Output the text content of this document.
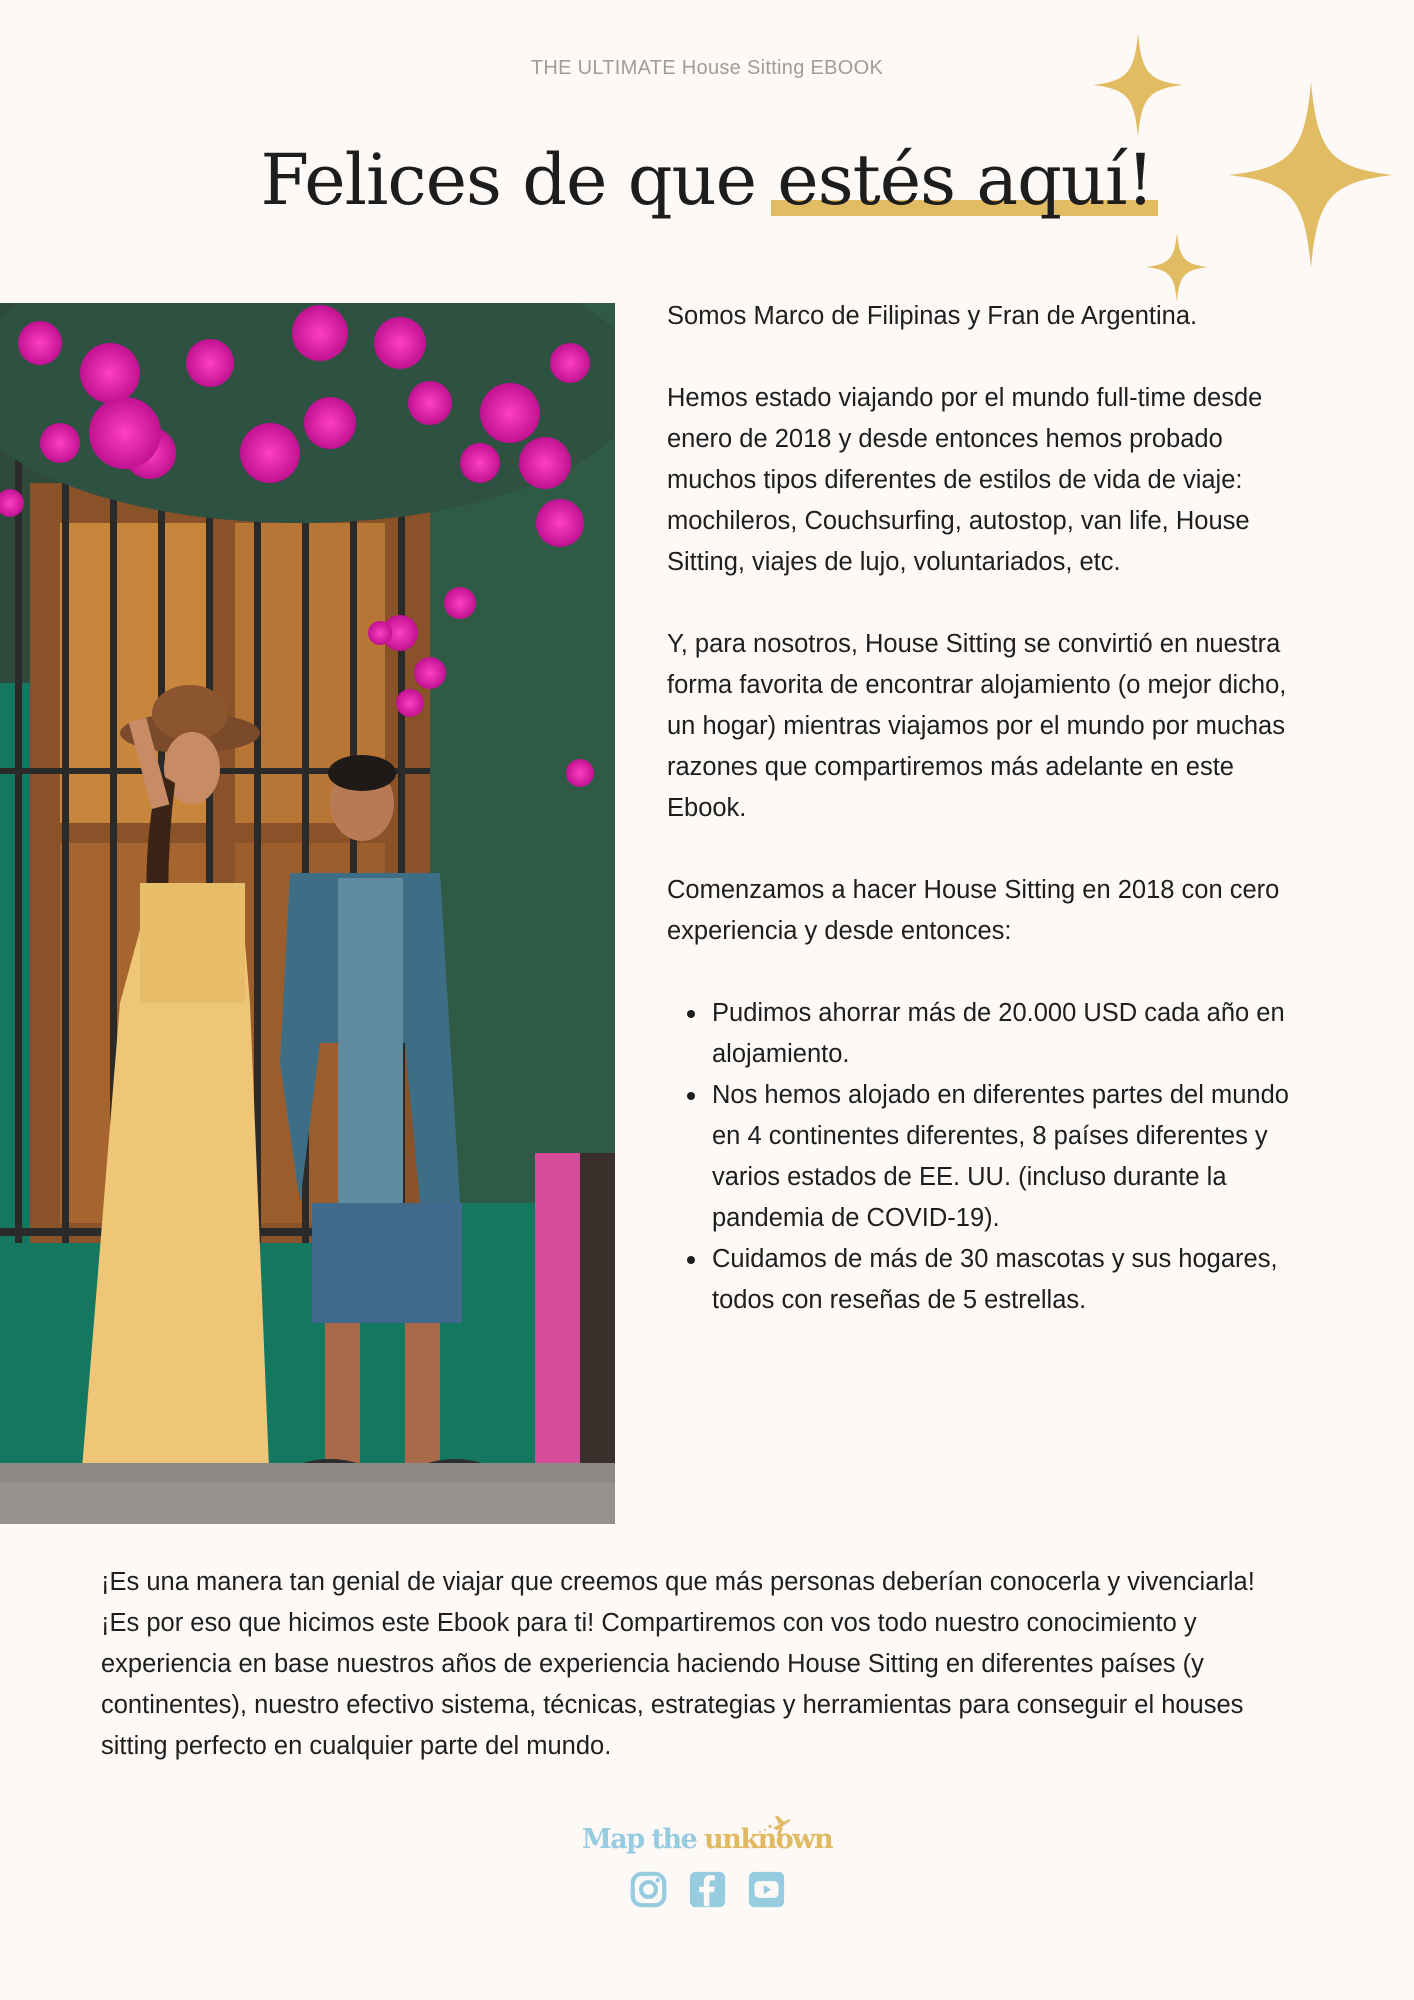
THE ULTIMATE House Sitting EBOOK
Felices de que estés aquí!

Somos Marco de Filipinas y Fran de Argentina.

Hemos estado viajando por el mundo full-time desde enero de 2018 y desde entonces hemos probado muchos tipos diferentes de estilos de vida de viaje: mochileros, Couchsurfing, autostop, van life, House Sitting, viajes de lujo, voluntariados, etc.

Y, para nosotros, House Sitting se convirtió en nuestra forma favorita de encontrar alojamiento (o mejor dicho, un hogar) mientras viajamos por el mundo por muchas razones que compartiremos más adelante en este Ebook.

Comenzamos a hacer House Sitting en 2018 con cero experiencia y desde entonces:

Pudimos ahorrar más de 20.000 USD cada año en alojamiento.
Nos hemos alojado en diferentes partes del mundo en 4 continentes diferentes, 8 países diferentes y varios estados de EE. UU. (incluso durante la pandemia de COVID-19).
Cuidamos de más de 30 mascotas y sus hogares, todos con reseñas de 5 estrellas.

¡Es una manera tan genial de viajar que creemos que más personas deberían conocerla y vivenciarla! ¡Es por eso que hicimos este Ebook para ti! Compartiremos con vos todo nuestro conocimiento y experiencia en base nuestros años de experiencia haciendo House Sitting en diferentes países (y continentes), nuestro efectivo sistema, técnicas, estrategias y herramientas para conseguir el houses sitting perfecto en cualquier parte del mundo.

Map the unknown
